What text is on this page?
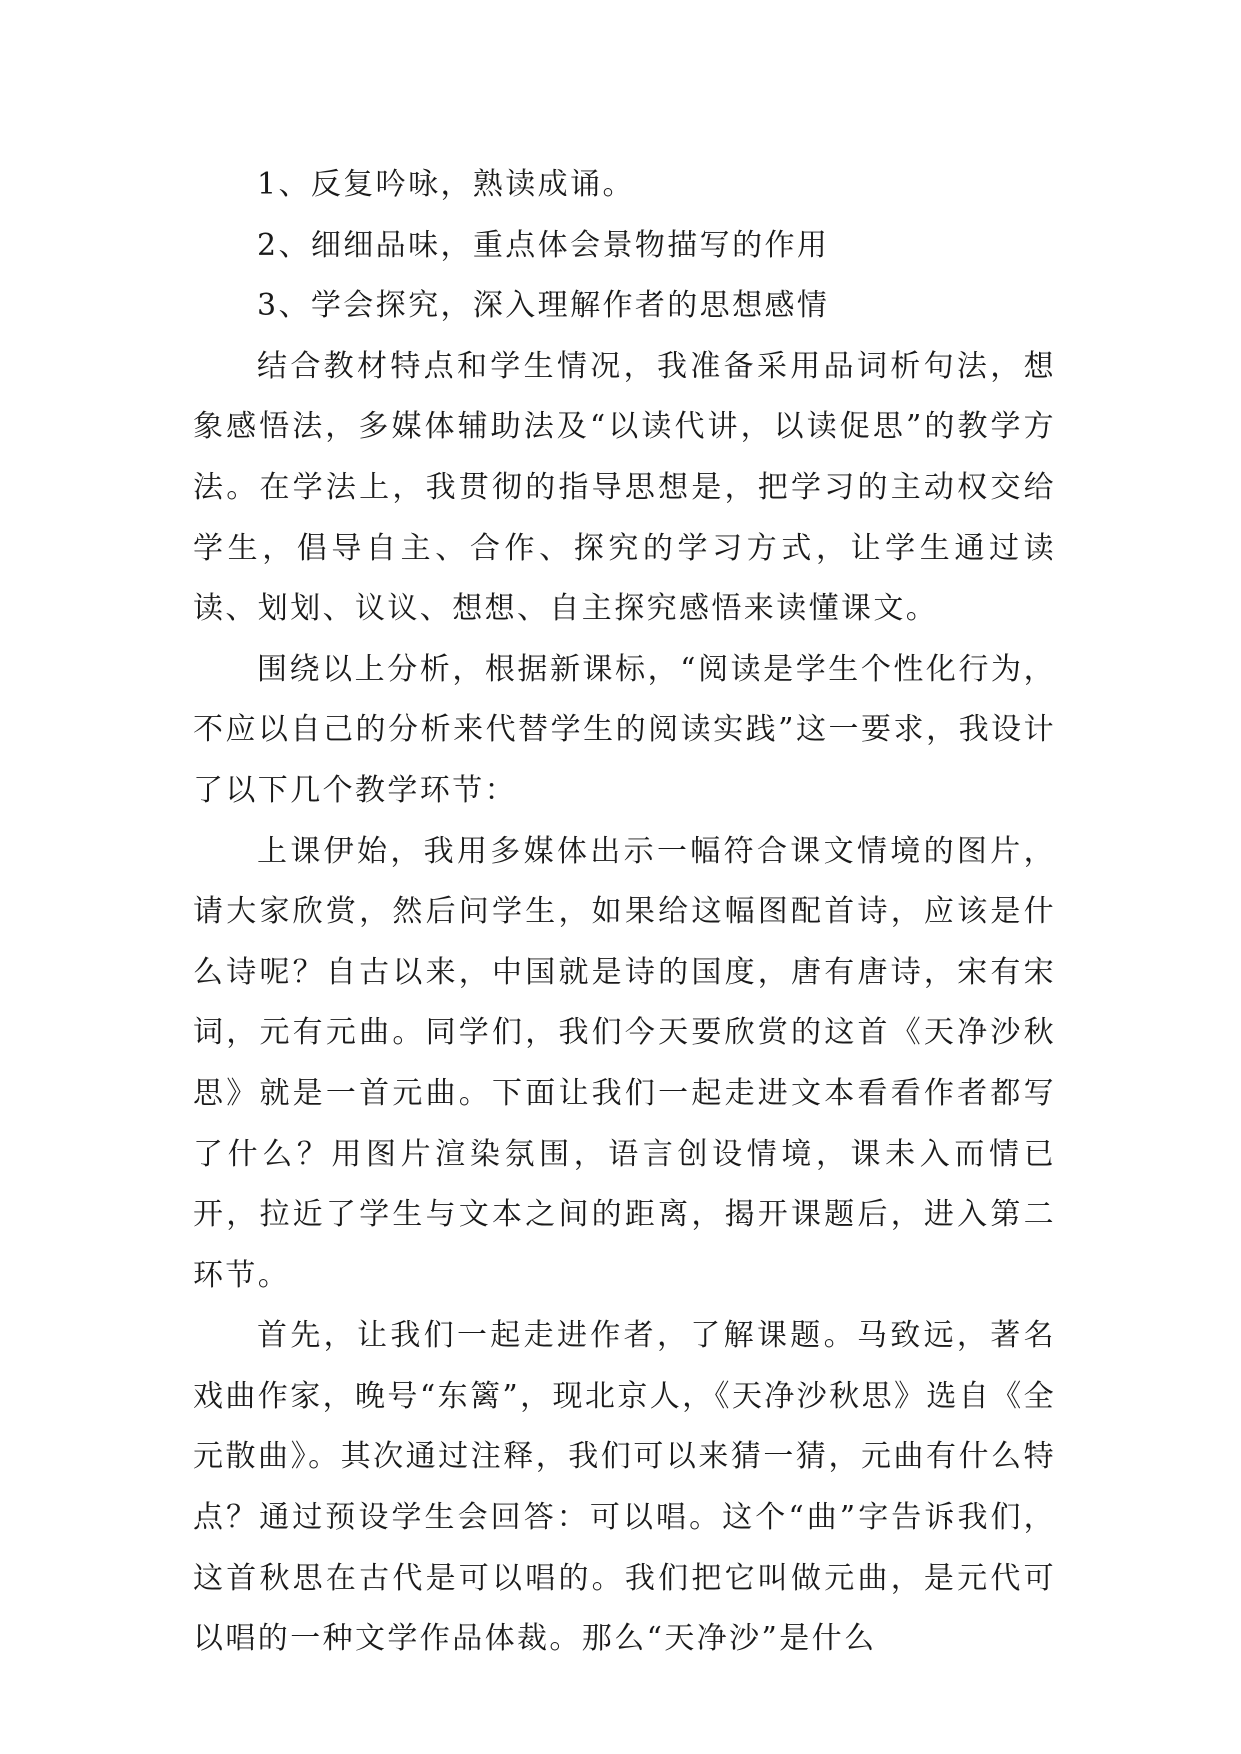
1、反复吟咏，熟读成诵。

2、细细品味，重点体会景物描写的作用

3、学会探究，深入理解作者的思想感情

结合教材特点和学生情况，我准备采用品词析句法，想象感悟法，多媒体辅助法及“以读代讲，以读促思”的教学方法。在学法上，我贯彻的指导思想是，把学习的主动权交给学生，倡导自主、合作、探究的学习方式，让学生通过读读、划划、议议、想想、自主探究感悟来读懂课文。

围绕以上分析，根据新课标，“阅读是学生个性化行为，不应以自己的分析来代替学生的阅读实践”这一要求，我设计了以下几个教学环节：

上课伊始，我用多媒体出示一幅符合课文情境的图片，请大家欣赏，然后问学生，如果给这幅图配首诗，应该是什么诗呢？自古以来，中国就是诗的国度，唐有唐诗，宋有宋词，元有元曲。同学们，我们今天要欣赏的这首《天净沙秋思》就是一首元曲。下面让我们一起走进文本看看作者都写了什么？用图片渲染氛围，语言创设情境，课未入而情已开，拉近了学生与文本之间的距离，揭开课题后，进入第二环节。

首先，让我们一起走进作者，了解课题。马致远，著名戏曲作家，晚号“东篱”，现北京人，《天净沙秋思》选自《全元散曲》。其次通过注释，我们可以来猜一猜，元曲有什么特点？通过预设学生会回答：可以唱。这个“曲”字告诉我们，这首秋思在古代是可以唱的。我们把它叫做元曲，是元代可以唱的一种文学作品体裁。那么“天净沙”是什么
